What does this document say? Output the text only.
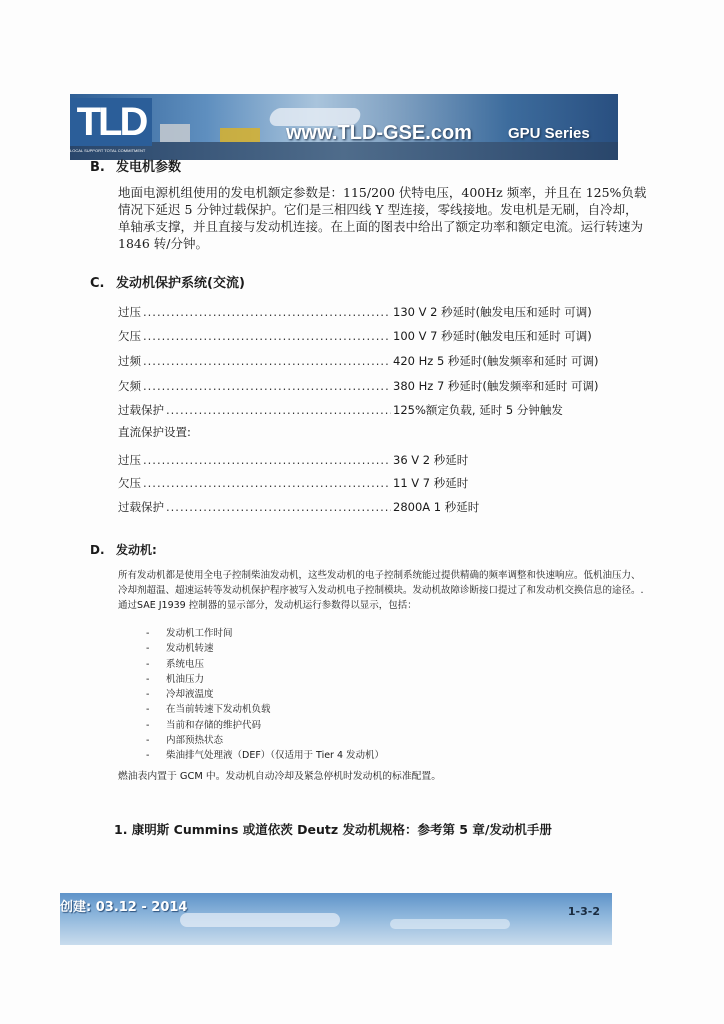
TLD
LOCAL SUPPORT TOTAL COMMITMENT
www.TLD-GSE.com GPU Series
B. 发电机参数
地面电源机组使用的发电机额定参数是：115/200 伏特电压，400Hz 频率，并且在 125%负载情况下延迟 5 分钟过载保护。它们是三相四线 Y 型连接，零线接地。发电机是无刷，自冷却，单轴承支撑，并且直接与发动机连接。在上面的图表中给出了额定功率和额定电流。运行转速为 1846 转/分钟。
C. 发动机保护系统(交流)
过压 .....	130 V 2 秒延时(触发电压和延时 可调)
欠压 .....	100 V 7 秒延时(触发电压和延时 可调)
过频 .....	420 Hz 5 秒延时(触发频率和延时 可调)
欠频 .....	380 Hz 7 秒延时(触发频率和延时 可调)
过载保护 .....	125%额定负载, 延时 5 分钟触发
直流保护设置:
过压 .....	36 V 2 秒延时
欠压 .....	11 V 7 秒延时
过载保护 .....	2800A 1 秒延时
D. 发动机:
所有发动机都是使用全电子控制柴油发动机，这些发动机的电子控制系统能过提供精确的频率调整和快速响应。低机油压力、冷却剂超温、超速运转等发动机保护程序被写入发动机电子控制模块。发动机故障诊断接口提过了和发动机交换信息的途径。.通过SAE J1939 控制器的显示部分，发动机运行参数得以显示，包括：
- 发动机工作时间
- 发动机转速
- 系统电压
- 机油压力
- 冷却液温度
- 在当前转速下发动机负载
- 当前和存储的维护代码
- 内部预热状态
- 柴油排气处理液（DEF）（仅适用于 Tier 4 发动机）
燃油表内置于 GCM 中。发动机自动冷却及紧急停机时发动机的标准配置。
1. 康明斯 Cummins 或道依茨 Deutz 发动机规格：参考第 5 章/发动机手册
创建: 03.12 - 2014	1-3-2
